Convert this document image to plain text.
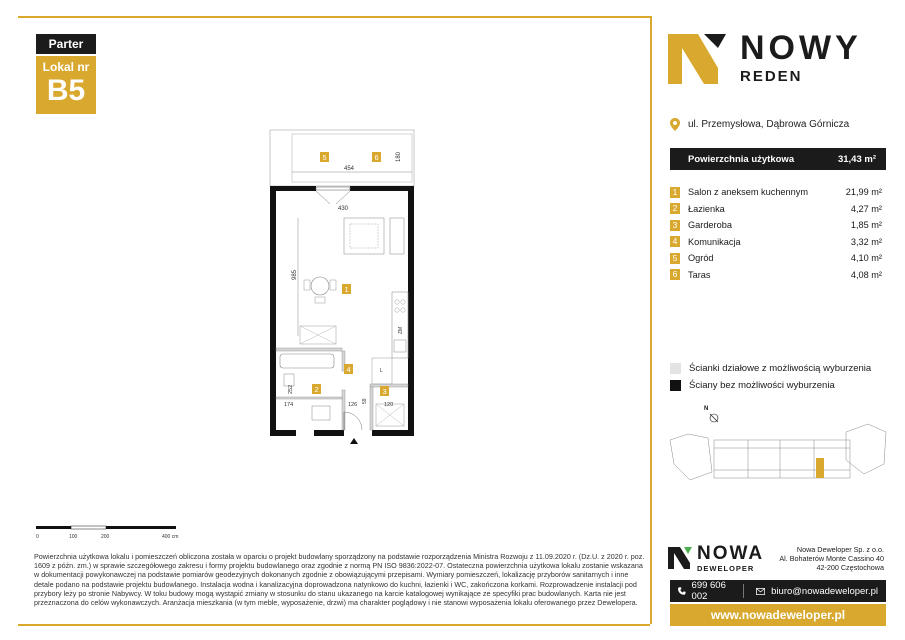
Parter
Lokal nr
B5
454
180
5	6
430
985
1
ZM
L
252
174
2
4
126
59
3
120
0	100	200	400 cm
Powierzchnia użytkowa lokalu i pomieszczeń obliczona została w oparciu o projekt budowlany sporządzony na podstawie rozporządzenia Ministra Rozwoju z 11.09.2020 r. (Dz.U. z 2020 r. poz. 1609 z późn. zm.) w sprawie szczegółowego zakresu i formy projektu budowlanego oraz zgodnie z normą PN ISO 9836:2022-07. Ostateczna powierzchnia użytkowa lokalu zostanie wskazana w dokumentacji powykonawczej na podstawie pomiarów geodezyjnych dokonanych zgodnie z obowiązującymi przepisami. Wymiary pomieszczeń, lokalizację przyborów sanitarnych i inne detale podano na podstawie projektu budowlanego. Instalacja wodna i kanalizacyjna doprowadzona natynkowo do kuchni, łazienki i WC, zakończona korkami. Rozprowadzenie instalacji pod przybory leży po stronie Nabywcy. W toku budowy mogą wystąpić zmiany w stosunku do stanu ukazanego na karcie katalogowej wynikające ze specyfiki prac budowlanych. Karta nie jest przeznaczona do celów wykonawczych. Aranżacja mieszkania (w tym meble, wyposażenie, drzwi) ma charakter poglądowy i nie stanowi wyposażenia lokalu oferowanego przez Dewelopera.
NOWY
REDEN
ul. Przemysłowa, Dąbrowa Górnicza
Powierzchnia użytkowa	31,43 m²
1 Salon z aneksem kuchennym	21,99 m²
2 Łazienka	4,27 m²
3 Garderoba	1,85 m²
4 Komunikacja	3,32 m²
5 Ogród	4,10 m²
6 Taras	4,08 m²
Ścianki działowe z możliwością wyburzenia
Ściany bez możliwości wyburzenia
N
NOWA
DEWELOPER
Nowa Deweloper Sp. z o.o.
Al. Bohaterów Monte Cassino 40
42-200 Częstochowa
699 606 002	biuro@nowadeweloper.pl
www.nowadeweloper.pl
